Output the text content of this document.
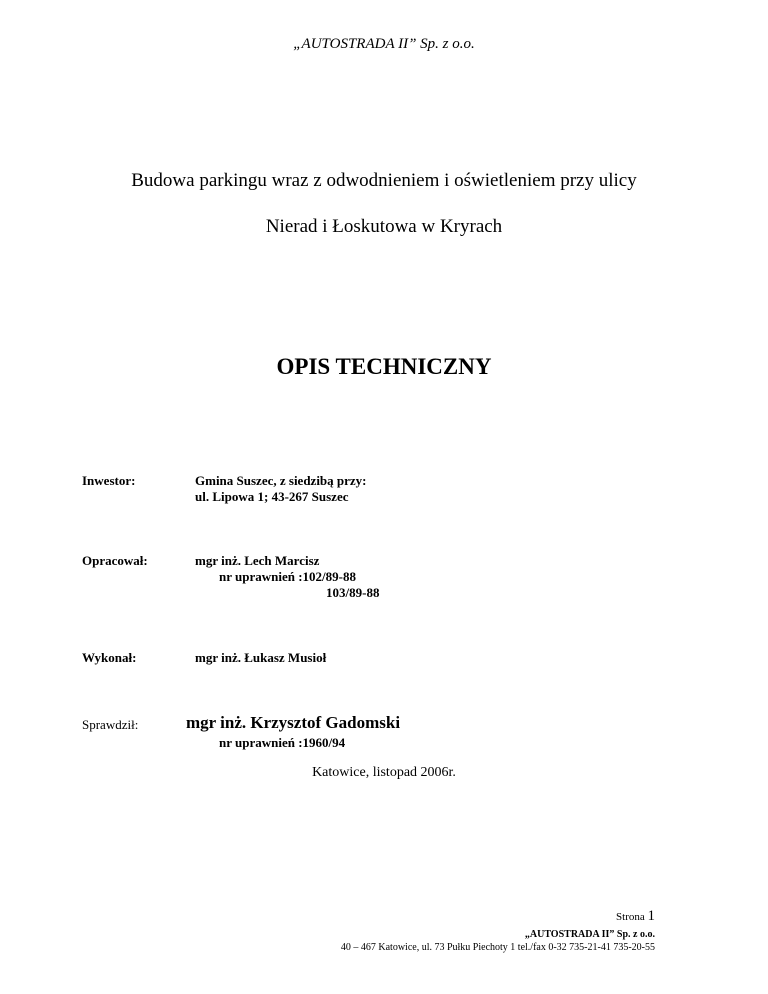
„AUTOSTRADA II” Sp. z o.o.
Budowa parkingu wraz z odwodnieniem i oświetleniem przy ulicy
Nierad i Łoskutowa w Kryrach
OPIS TECHNICZNY
Inwestor:	Gmina Suszec, z siedzibą przy:
ul. Lipowa 1; 43-267 Suszec
Opracował:	mgr inż. Lech Marcisz
nr uprawnień :102/89-88
103/89-88
Wykonał:	mgr inż. Łukasz Musioł
Sprawdził:	mgr inż. Krzysztof Gadomski
nr uprawnień :1960/94
Katowice, listopad 2006r.
Strona 1
„AUTOSTRADA II” Sp. z o.o.
40 – 467 Katowice, ul. 73 Pułku Piechoty 1 tel./fax 0-32 735-21-41 735-20-55
